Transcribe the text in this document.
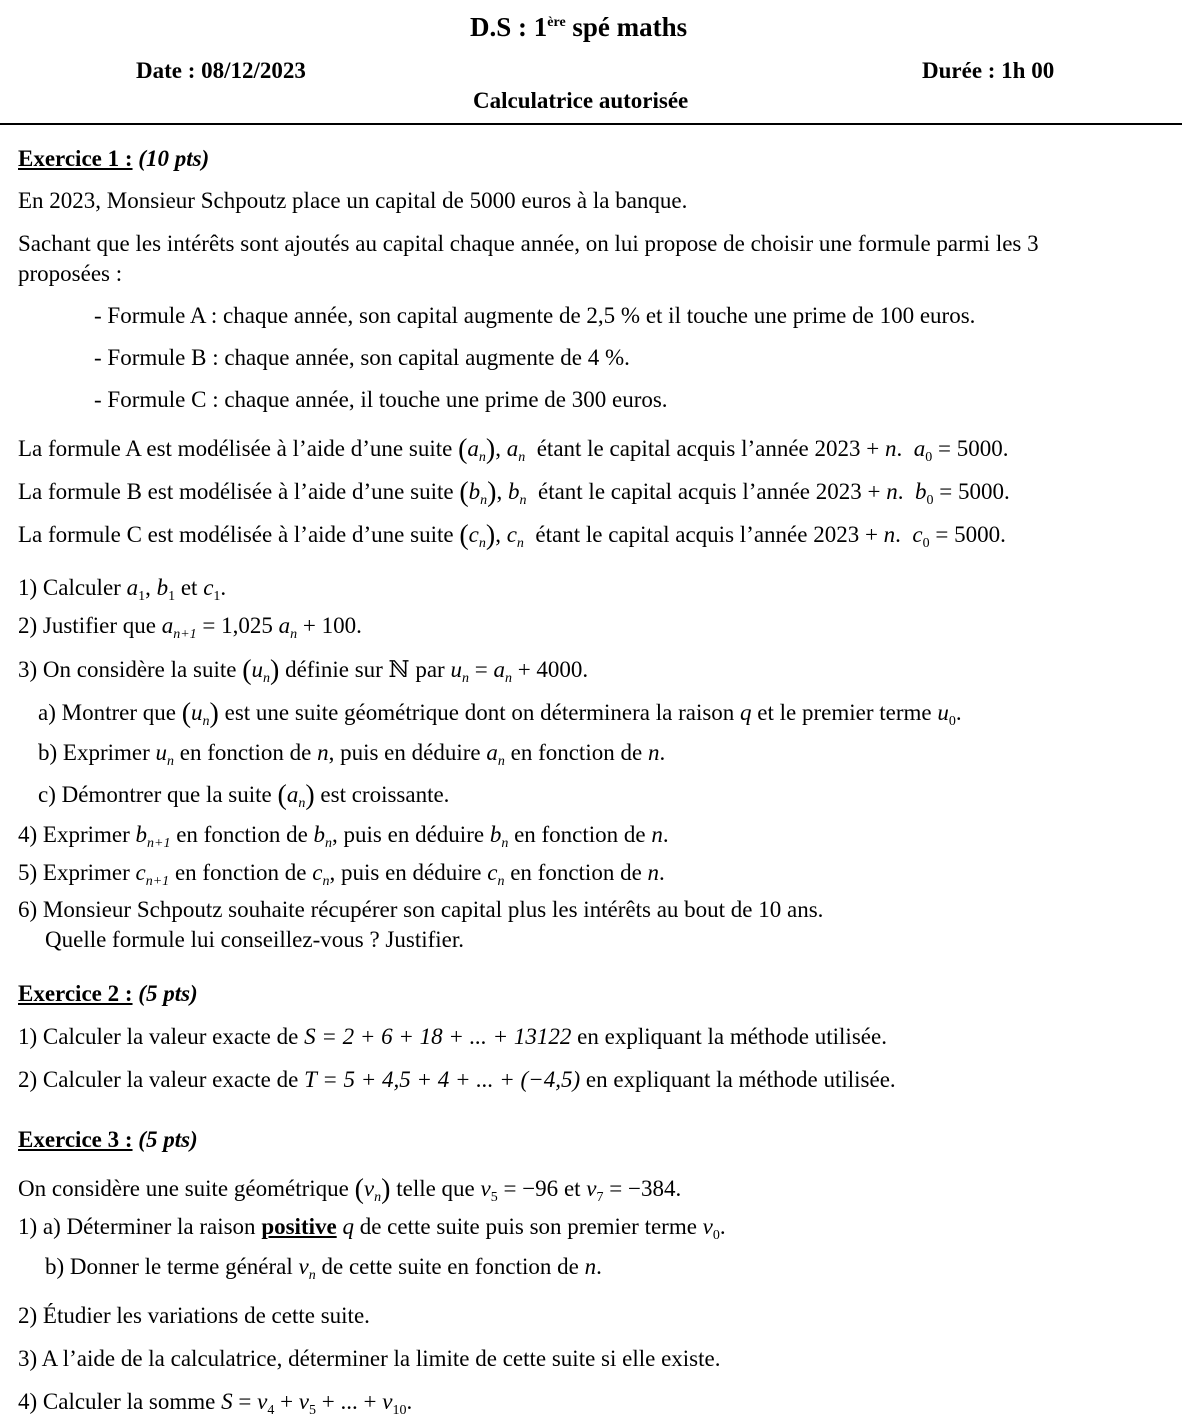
D.S : 1ère spé maths
Date : 08/12/2023	Durée : 1h 00
Calculatrice autorisée
Exercice 1 : (10 pts)
En 2023, Monsieur Schpoutz place un capital de 5000 euros à la banque.
Sachant que les intérêts sont ajoutés au capital chaque année, on lui propose de choisir une formule parmi les 3
proposées :
- Formule A : chaque année, son capital augmente de 2,5 % et il touche une prime de 100 euros.
- Formule B : chaque année, son capital augmente de 4 %.
- Formule C : chaque année, il touche une prime de 300 euros.
La formule A est modélisée à l’aide d’une suite $(a_n)$, $a_n$ étant le capital acquis l’année 2023 + n.  $a_0 = 5000$.
La formule B est modélisée à l’aide d’une suite $(b_n)$, $b_n$ étant le capital acquis l’année 2023 + n.  $b_0 = 5000$.
La formule C est modélisée à l’aide d’une suite $(c_n)$, $c_n$ étant le capital acquis l’année 2023 + n.  $c_0 = 5000$.
1) Calculer $a_1$, $b_1$ et $c_1$.
2) Justifier que $a_{n+1} = 1,025$ $a_n + 100$.
3) On considère la suite $(u_n)$ définie sur ℕ par $u_n = a_n + 4000$.
a) Montrer que $(u_n)$ est une suite géométrique dont on déterminera la raison q et le premier terme $u_0$.
b) Exprimer $u_n$ en fonction de n, puis en déduire $a_n$ en fonction de n.
c) Démontrer que la suite $(a_n)$ est croissante.
4) Exprimer $b_{n+1}$ en fonction de $b_n$, puis en déduire $b_n$ en fonction de n.
5) Exprimer $c_{n+1}$ en fonction de $c_n$, puis en déduire $c_n$ en fonction de n.
6) Monsieur Schpoutz souhaite récupérer son capital plus les intérêts au bout de 10 ans.
Quelle formule lui conseillez-vous ? Justifier.
Exercice 2 : (5 pts)
1) Calculer la valeur exacte de S = 2 + 6 + 18 + ... + 13122 en expliquant la méthode utilisée.
2) Calculer la valeur exacte de T = 5 + 4,5 + 4 + ... + (−4,5) en expliquant la méthode utilisée.
Exercice 3 : (5 pts)
On considère une suite géométrique $(v_n)$ telle que $v_5 = -96$ et $v_7 = -384$.
1) a) Déterminer la raison positive q de cette suite puis son premier terme $v_0$.
b) Donner le terme général $v_n$ de cette suite en fonction de n.
2) Étudier les variations de cette suite.
3) A l’aide de la calculatrice, déterminer la limite de cette suite si elle existe.
4) Calculer la somme $S = v_4 + v_5$ + ... + $v_{10}$.
